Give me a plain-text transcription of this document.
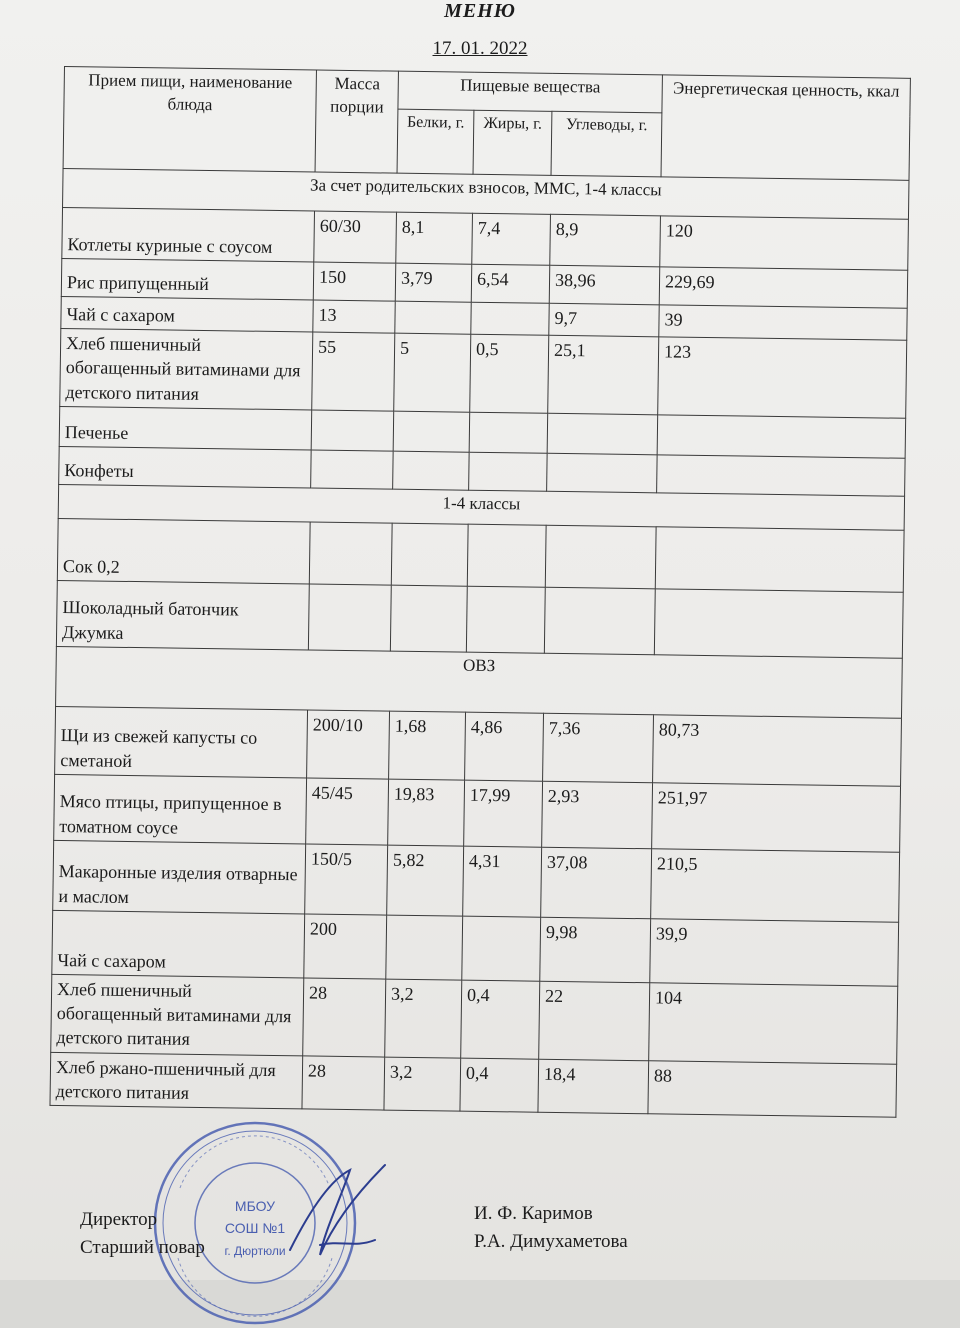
МЕНЮ
17. 01. 2022
Прием пищи, наименование блюда	Масса порции	Пищевые вещества			Энергетическая ценность, ккал
		Белки, г.	Жиры, г.	Углеводы, г.	
За счет родительских взносов, ММС, 1-4 классы					
Котлеты куриные с соусом	60/30	8,1	7,4	8,9	120
Рис припущенный	150	3,79	6,54	38,96	229,69
Чай с сахаром	13			9,7	39
Хлеб пшеничный обогащенный витаминами для детского питания	55	5	0,5	25,1	123
Печенье					
Конфеты					
1-4 классы					
Сок 0,2					
Шоколадный батончик Джумка					
ОВЗ					
Щи из свежей капусты со сметаной	200/10	1,68	4,86	7,36	80,73
Мясо птицы, припущенное в томатном соусе	45/45	19,83	17,99	2,93	251,97
Макаронные изделия отварные и маслом	150/5	5,82	4,31	37,08	210,5
Чай с сахаром	200			9,98	39,9
Хлеб пшеничный обогащенный витаминами для детского питания	28	3,2	0,4	22	104
Хлеб ржано-пшеничный для детского питания	28	3,2	0,4	18,4	88
МБОУ
СОШ №1
г. Дюртюли
Директор
Старший повар
И. Ф. Каримов
Р.А. Димухаметова
